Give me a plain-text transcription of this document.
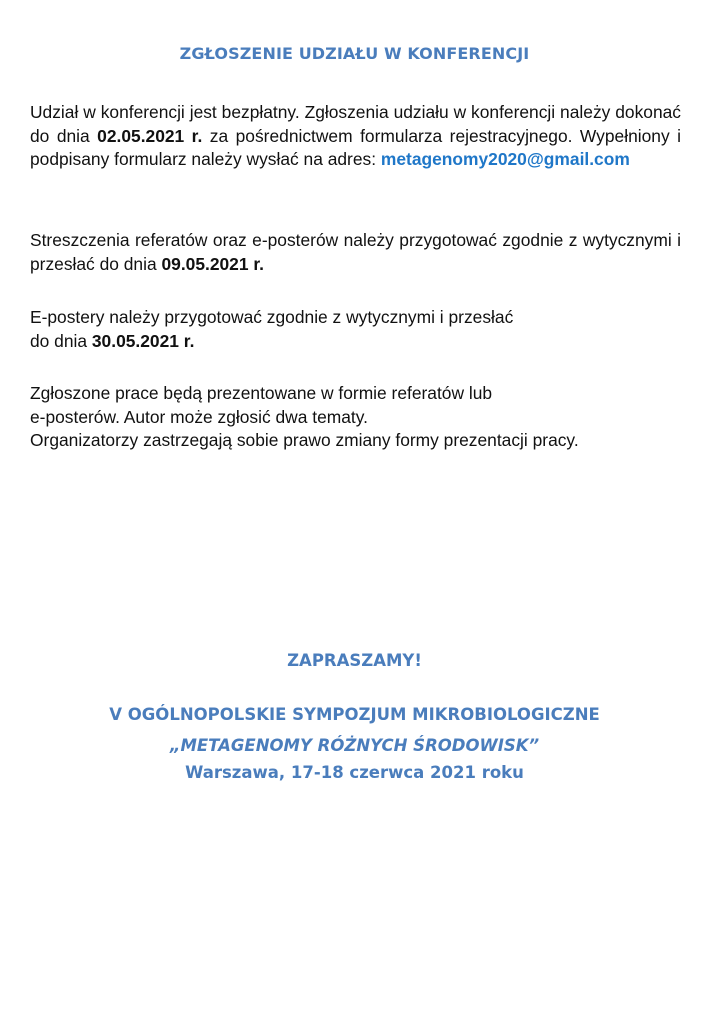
ZGŁOSZENIE UDZIAŁU W KONFERENCJI
Udział w konferencji jest bezpłatny. Zgłoszenia udziału w konferencji należy dokonać do dnia 02.05.2021 r. za pośrednictwem formularza rejestracyjnego. Wypełniony i podpisany formularz należy wysłać na adres: metagenomy2020@gmail.com
Streszczenia referatów oraz e-posterów należy przygotować zgodnie z wytycznymi i przesłać do dnia 09.05.2021 r.
E-postery należy przygotować zgodnie z wytycznymi i przesłać
do dnia 30.05.2021 r.
Zgłoszone prace będą prezentowane w formie referatów lub
e-posterów. Autor może zgłosić dwa tematy.
Organizatorzy zastrzegają sobie prawo zmiany formy prezentacji pracy.
ZAPRASZAMY!
V OGÓLNOPOLSKIE SYMPOZJUM MIKROBIOLOGICZNE
„METAGENOMY RÓŻNYCH ŚRODOWISK”
Warszawa, 17-18 czerwca 2021 roku
